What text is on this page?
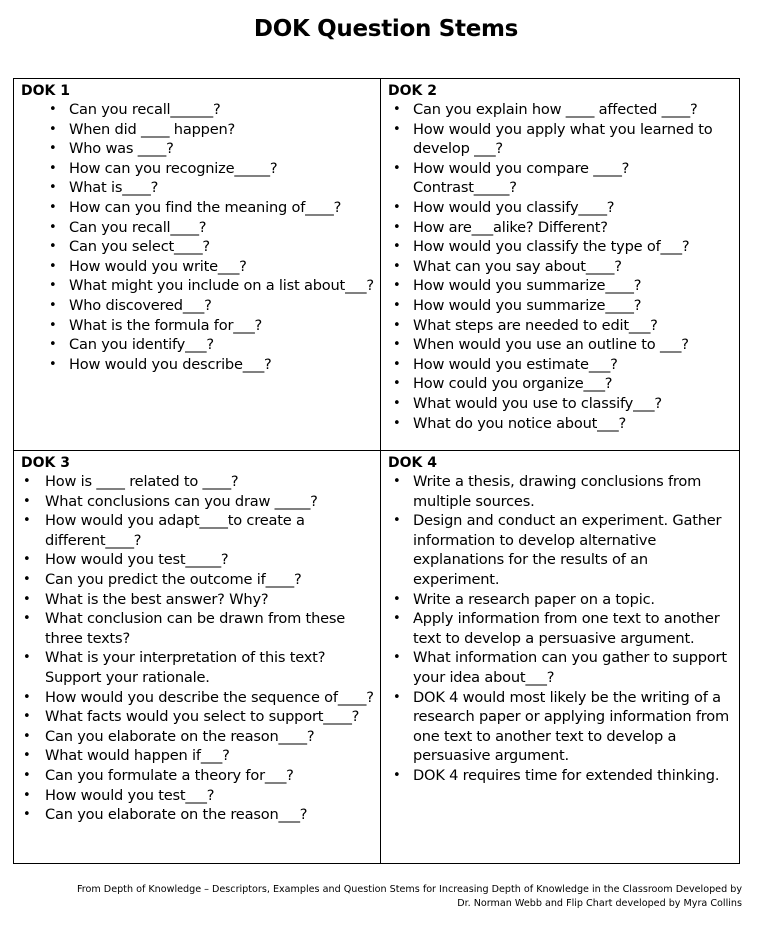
DOK Question Stems
DOK 1
• Can you recall______?
• When did ____ happen?
• Who was ____?
• How can you recognize_____?
• What is____?
• How can you find the meaning of____?
• Can you recall____?
• Can you select____?
• How would you write___?
• What might you include on a list about___?
• Who discovered___?
• What is the formula for___?
• Can you identify___?
• How would you describe___?
DOK 2
• Can you explain how ____ affected ____?
• How would you apply what you learned to develop ___?
• How would you compare ____? Contrast_____?
• How would you classify____?
• How are___alike? Different?
• How would you classify the type of___?
• What can you say about____?
• How would you summarize____?
• How would you summarize____?
• What steps are needed to edit___?
• When would you use an outline to ___?
• How would you estimate___?
• How could you organize___?
• What would you use to classify___?
• What do you notice about___?
DOK 3
• How is ____ related to ____?
• What conclusions can you draw _____?
• How would you adapt____to create a different____?
• How would you test_____?
• Can you predict the outcome if____?
• What is the best answer? Why?
• What conclusion can be drawn from these three texts?
• What is your interpretation of this text? Support your rationale.
• How would you describe the sequence of____?
• What facts would you select to support____?
• Can you elaborate on the reason____?
• What would happen if___?
• Can you formulate a theory for___?
• How would you test___?
• Can you elaborate on the reason___?
DOK 4
• Write a thesis, drawing conclusions from multiple sources.
• Design and conduct an experiment. Gather information to develop alternative explanations for the results of an experiment.
• Write a research paper on a topic.
• Apply information from one text to another text to develop a persuasive argument.
• What information can you gather to support your idea about___?
• DOK 4 would most likely be the writing of a research paper or applying information from one text to another text to develop a persuasive argument.
• DOK 4 requires time for extended thinking.
From Depth of Knowledge – Descriptors, Examples and Question Stems for Increasing Depth of Knowledge in the Classroom Developed by
Dr. Norman Webb and Flip Chart developed by Myra Collins
